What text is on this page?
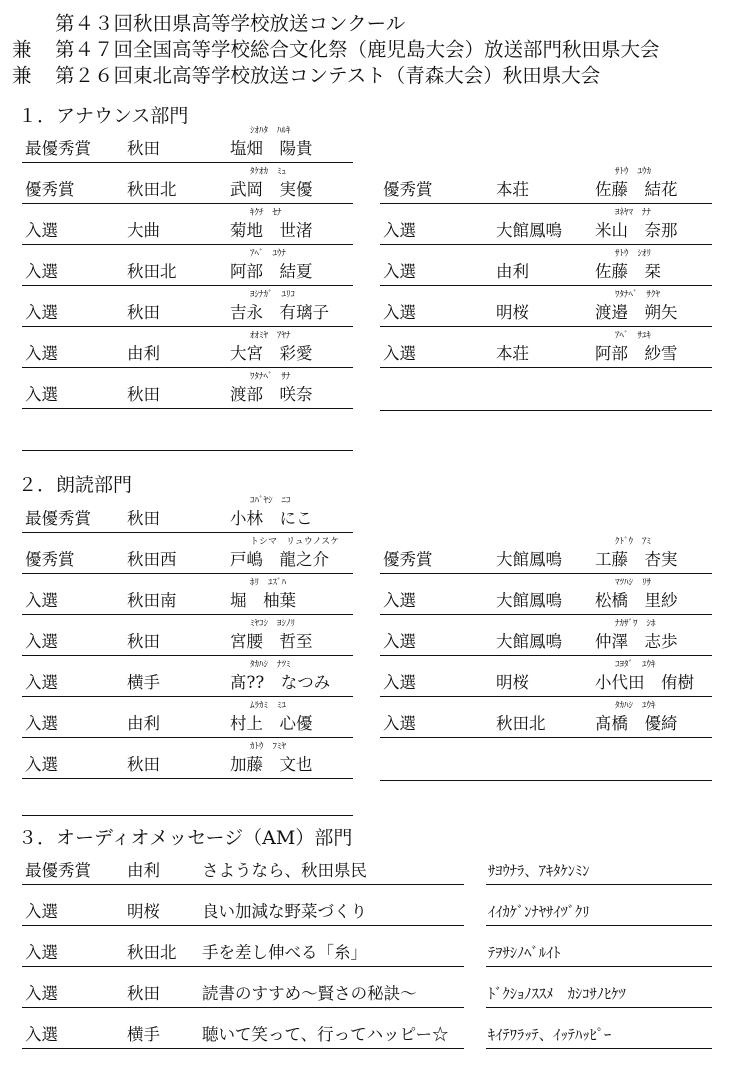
第４３回秋田県高等学校放送コンクール
兼 第４７回全国高等学校総合文化祭（鹿児島大会）放送部門秋田県大会
兼 第２６回東北高等学校放送コンテスト（青森大会）秋田県大会
１．アナウンス部門
２．朗読部門
３．オーディオメッセージ（AM）部門
ｼｵﾊﾀ　ﾊﾙｷ
最優秀賞 秋田	塩畑　陽貴
ﾀｹｵｶ　ﾐｭ
優秀賞	秋田北	武岡　実優
ｷｸﾁ　ｾﾅ
入選	大曲	菊地　世渚
ｱﾍﾞ　ﾕｳﾅ
入選	秋田北	阿部　結夏
ﾖｼﾅｶﾞ　ﾕﾘｺ
入選	秋田	吉永　有璃子
ｵｵﾐﾔ　ｱﾔﾅ
入選	由利	大宮　彩愛
ﾜﾀﾅﾍﾞ　ｻﾅ
入選	秋田	渡部　咲奈
ｻﾄｳ　ﾕｳｶ
優秀賞	本荘	佐藤　結花
ﾖﾈﾔﾏ　ﾅﾅ
入選	大館鳳鳴 米山　奈那
ｻﾄｳ　ｼｵﾘ
入選	由利	佐藤　栞
ﾜﾀﾅﾍﾞ　ｻｸﾔ
入選	明桜	渡邉　朔矢
ｱﾍﾞ　ｻﾕｷ
入選	本荘	阿部　紗雪
ｺﾊﾞﾔｼ　ﾆｺ
最優秀賞 秋田	小林　にこ
トシマ　リュウノスケ
優秀賞	秋田西	戸嶋　龍之介
ﾎﾘ　ﾕｽﾞﾊ
入選	秋田南	堀　柚葉
ﾐﾔｺｼ　ﾖｼﾉﾘ
入選	秋田	宮腰　哲至
ﾀｶﾊｼ　ﾅﾂﾐ
入選	横手	髙??　なつみ
ﾑﾗｶﾐ　ﾐﾕ
入選	由利	村上　心優
ｶﾄｳ　ﾌﾐﾔ
入選	秋田	加藤　文也
ｸﾄﾞｳ　ｱﾐ
優秀賞	大館鳳鳴 工藤　杏実
ﾏﾂﾊｼ　ﾘｻ
入選	大館鳳鳴 松橋　里紗
ﾅｶｻﾞﾜ　ｼﾎ
入選	大館鳳鳴 仲澤　志歩
ｺﾖﾀﾞ　ﾕｳｷ
入選	明桜	小代田　侑樹
ﾀｶﾊｼ　ﾕｳｷ
入選	秋田北	髙橋　優綺
最優秀賞 由利	さようなら、秋田県民	ｻﾖｳﾅﾗ、ｱｷﾀｹﾝﾐﾝ
入選	明桜	良い加減な野菜づくり	ｲｲｶｹﾞﾝﾅﾔｻｲﾂﾞｸﾘ
入選	秋田北 手を差し伸べる「糸」	ﾃｦｻｼﾉﾍﾞﾙｲﾄ
入選	秋田	読書のすすめ～賢さの秘訣～	ﾄﾞｸｼｮﾉｽｽﾒ　ｶｼｺｻﾉﾋｹﾂ
入選	横手	聴いて笑って、行ってハッピー☆	ｷｲﾃﾜﾗｯﾃ、ｲｯﾃﾊｯﾋﾟｰ
